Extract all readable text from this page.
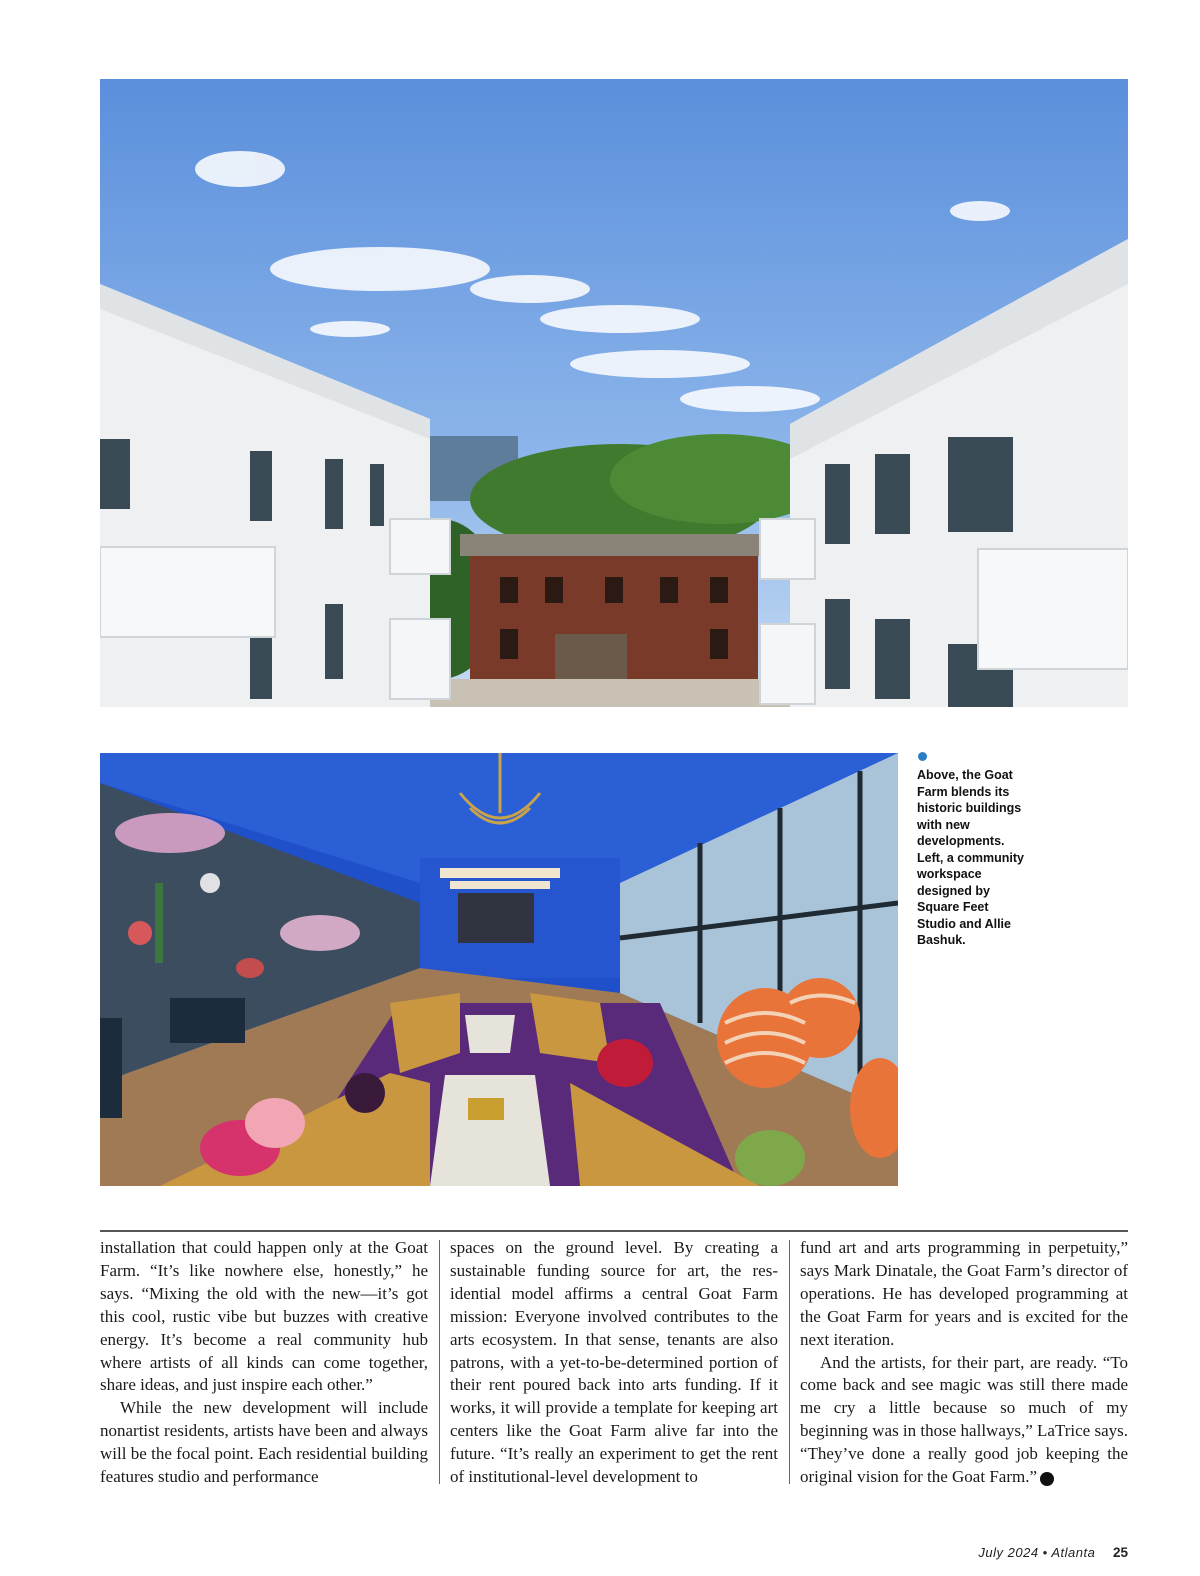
Above, the Goat Farm blends its historic buildings with new developments. Left, a community workspace designed by Square Feet Studio and Allie Bashuk.

installation that could happen only at the Goat Farm. “It’s like nowhere else, honestly,” he says. “Mixing the old with the new—it’s got this cool, rustic vibe but buzzes with creative energy. It’s become a real community hub where artists of all kinds can come together, share ideas, and just inspire each other.”

While the new development will include nonartist residents, artists have been and always will be the focal point. Each residential building features studio and performance

spaces on the ground level. By creating a sustainable funding source for art, the residential model affirms a central Goat Farm mission: Everyone involved contributes to the arts ecosystem. In that sense, tenants are also patrons, with a yet-to-be-determined portion of their rent poured back into arts funding. If it works, it will provide a template for keeping art centers like the Goat Farm alive far into the future. “It’s really an experiment to get the rent of institutional-level development to

fund art and arts programming in perpetuity,” says Mark Dinatale, the Goat Farm’s director of operations. He has developed programming at the Goat Farm for years and is excited for the next iteration.

And the artists, for their part, are ready. “To come back and see magic was still there made me cry a little because so much of my beginning was in those hallways,” LaTrice says. “They’ve done a really good job keeping the original vision for the Goat Farm.” A

July 2024 • Atlanta 25
